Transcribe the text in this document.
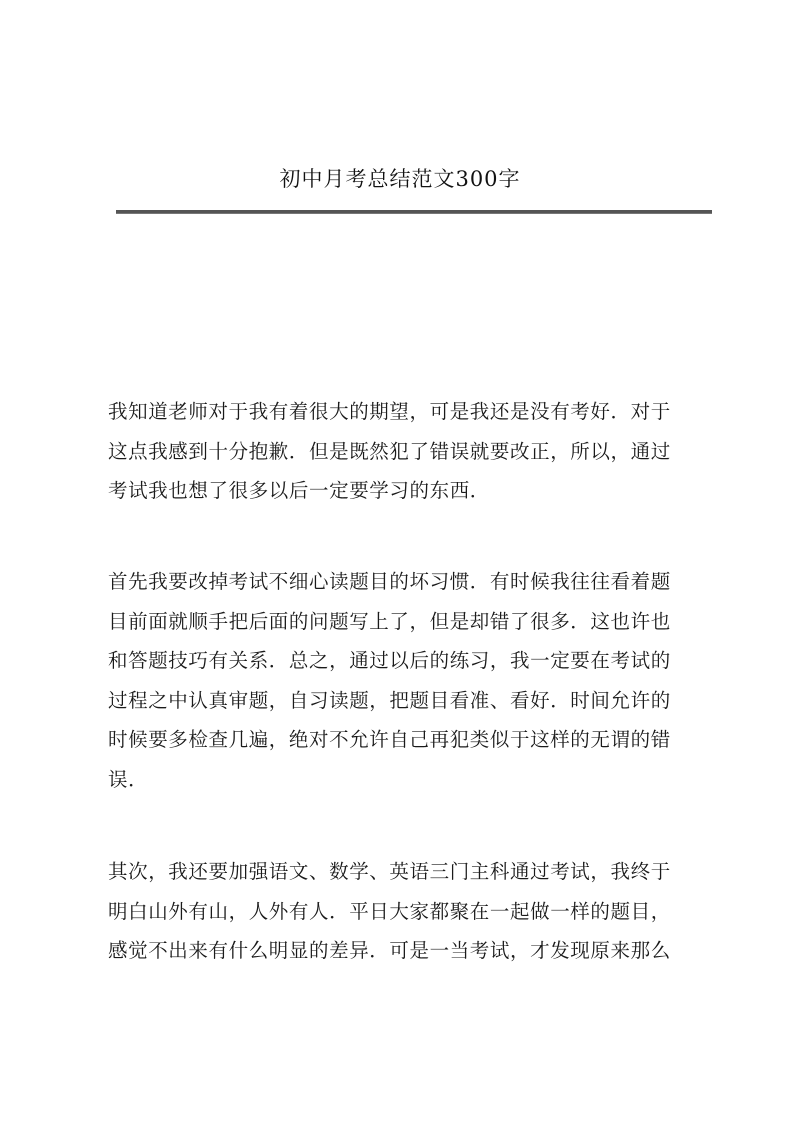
初中月考总结范文300字

我知道老师对于我有着很大的期望，可是我还是没有考好．对于
这点我感到十分抱歉．但是既然犯了错误就要改正，所以，通过
考试我也想了很多以后一定要学习的东西．

首先我要改掉考试不细心读题目的坏习惯．有时候我往往看着题
目前面就顺手把后面的问题写上了，但是却错了很多．这也许也
和答题技巧有关系．总之，通过以后的练习，我一定要在考试的
过程之中认真审题，自习读题，把题目看准、看好．时间允许的
时候要多检查几遍，绝对不允许自己再犯类似于这样的无谓的错
误．

其次，我还要加强语文、数学、英语三门主科通过考试，我终于
明白山外有山，人外有人．平日大家都聚在一起做一样的题目，
感觉不出来有什么明显的差异．可是一当考试，才发现原来那么
